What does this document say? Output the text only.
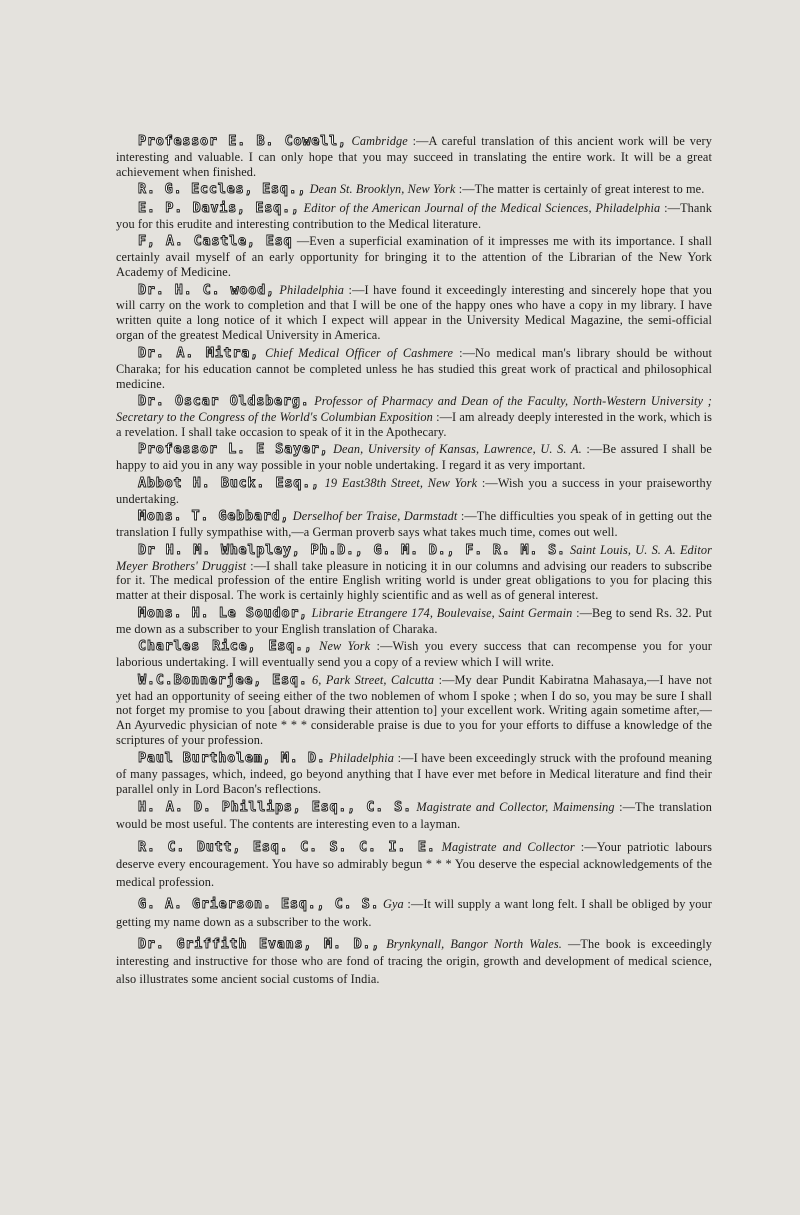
Professor E. B. Cowell, Cambridge :—A careful translation of this ancient work will be very interesting and valuable. I can only hope that you may succeed in translating the entire work. It will be a great achievement when finished.

R. G. Eccles, Esq., Dean St. Brooklyn, New York :—The matter is certainly of great interest to me.

E. P. Davis, Esq., Editor of the American Journal of the Medical Sciences, Philadelphia :—Thank you for this erudite and interesting contribution to the Medical literature.

F, A. Castle, Esq —Even a superficial examination of it impresses me with its importance. I shall certainly avail myself of an early opportunity for bringing it to the attention of the Librarian of the New York Academy of Medicine.

Dr. H. C. wood, Philadelphia :—I have found it exceedingly interesting and sincerely hope that you will carry on the work to completion and that I will be one of the happy ones who have a copy in my library. I have written quite a long notice of it which I expect will appear in the University Medical Magazine, the semi-official organ of the greatest Medical University in America.

Dr. A. Mitra, Chief Medical Officer of Cashmere :—No medical man's library should be without Charaka; for his education cannot be completed unless he has studied this great work of practical and philosophical medicine.

Dr. Oscar Oldsberg. Professor of Pharmacy and Dean of the Faculty, North-Western University ; Secretary to the Congress of the World's Columbian Exposition :—I am already deeply interested in the work, which is a revelation. I shall take occasion to speak of it in the Apothecary.

Professor L. E Sayer, Dean, University of Kansas, Lawrence, U. S. A. :—Be assured I shall be happy to aid you in any way possible in your noble undertaking. I regard it as very important.

Abbot H. Buck. Esq., 19 East38th Street, New York :—Wish you a success in your praiseworthy undertaking.

Mons. T. Gebbard, Derselhof ber Traise, Darmstadt :—The difficulties you speak of in getting out the translation I fully sympathise with,—a German proverb says what takes much time, comes out well.

Dr H. M. Whelpley, Ph.D., G. M. D., F. R. M. S. Saint Louis, U. S. A. Editor Meyer Brothers' Druggist :—I shall take pleasure in noticing it in our columns and advising our readers to subscribe for it. The medical profession of the entire English writing world is under great obligations to you for placing this matter at their disposal. The work is certainly highly scientific and as well as of general interest.

Mons. H. Le Soudor, Librarie Etrangere 174, Boulevaise, Saint Germain :—Beg to send Rs. 32. Put me down as a subscriber to your English translation of Charaka.

Charles Rice, Esq., New York :—Wish you every success that can recompense you for your laborious undertaking. I will eventually send you a copy of a review which I will write.

W.C.Bonnerjee, Esq. 6, Park Street, Calcutta :—My dear Pundit Kabiratna Mahasaya,—I have not yet had an opportunity of seeing either of the two noblemen of whom I spoke ; when I do so, you may be sure I shall not forget my promise to you [about drawing their attention to] your excellent work. Writing again sometime after,—An Ayurvedic physician of note * * * considerable praise is due to you for your efforts to diffuse a knowledge of the scriptures of your profession.

Paul Burtholem, M. D. Philadelphia :—I have been exceedingly struck with the profound meaning of many passages, which, indeed, go beyond anything that I have ever met before in Medical literature and find their parallel only in Lord Bacon's reflections.

H. A. D. Phillips, Esq., C. S. Magistrate and Collector, Maimensing :—The translation would be most useful. The contents are interesting even to a layman.

R. C. Dutt, Esq. C. S. C. I. E. Magistrate and Collector :—Your patriotic labours deserve every encouragement. You have so admirably begun * * * You deserve the especial acknowledgements of the medical profession.

G. A. Grierson. Esq., C. S. Gya :—It will supply a want long felt. I shall be obliged by your getting my name down as a subscriber to the work.

Dr. Griffith Evans, M. D., Brynkynall, Bangor North Wales. —The book is exceedingly interesting and instructive for those who are fond of tracing the origin, growth and development of medical science, also illustrates some ancient social customs of India.
